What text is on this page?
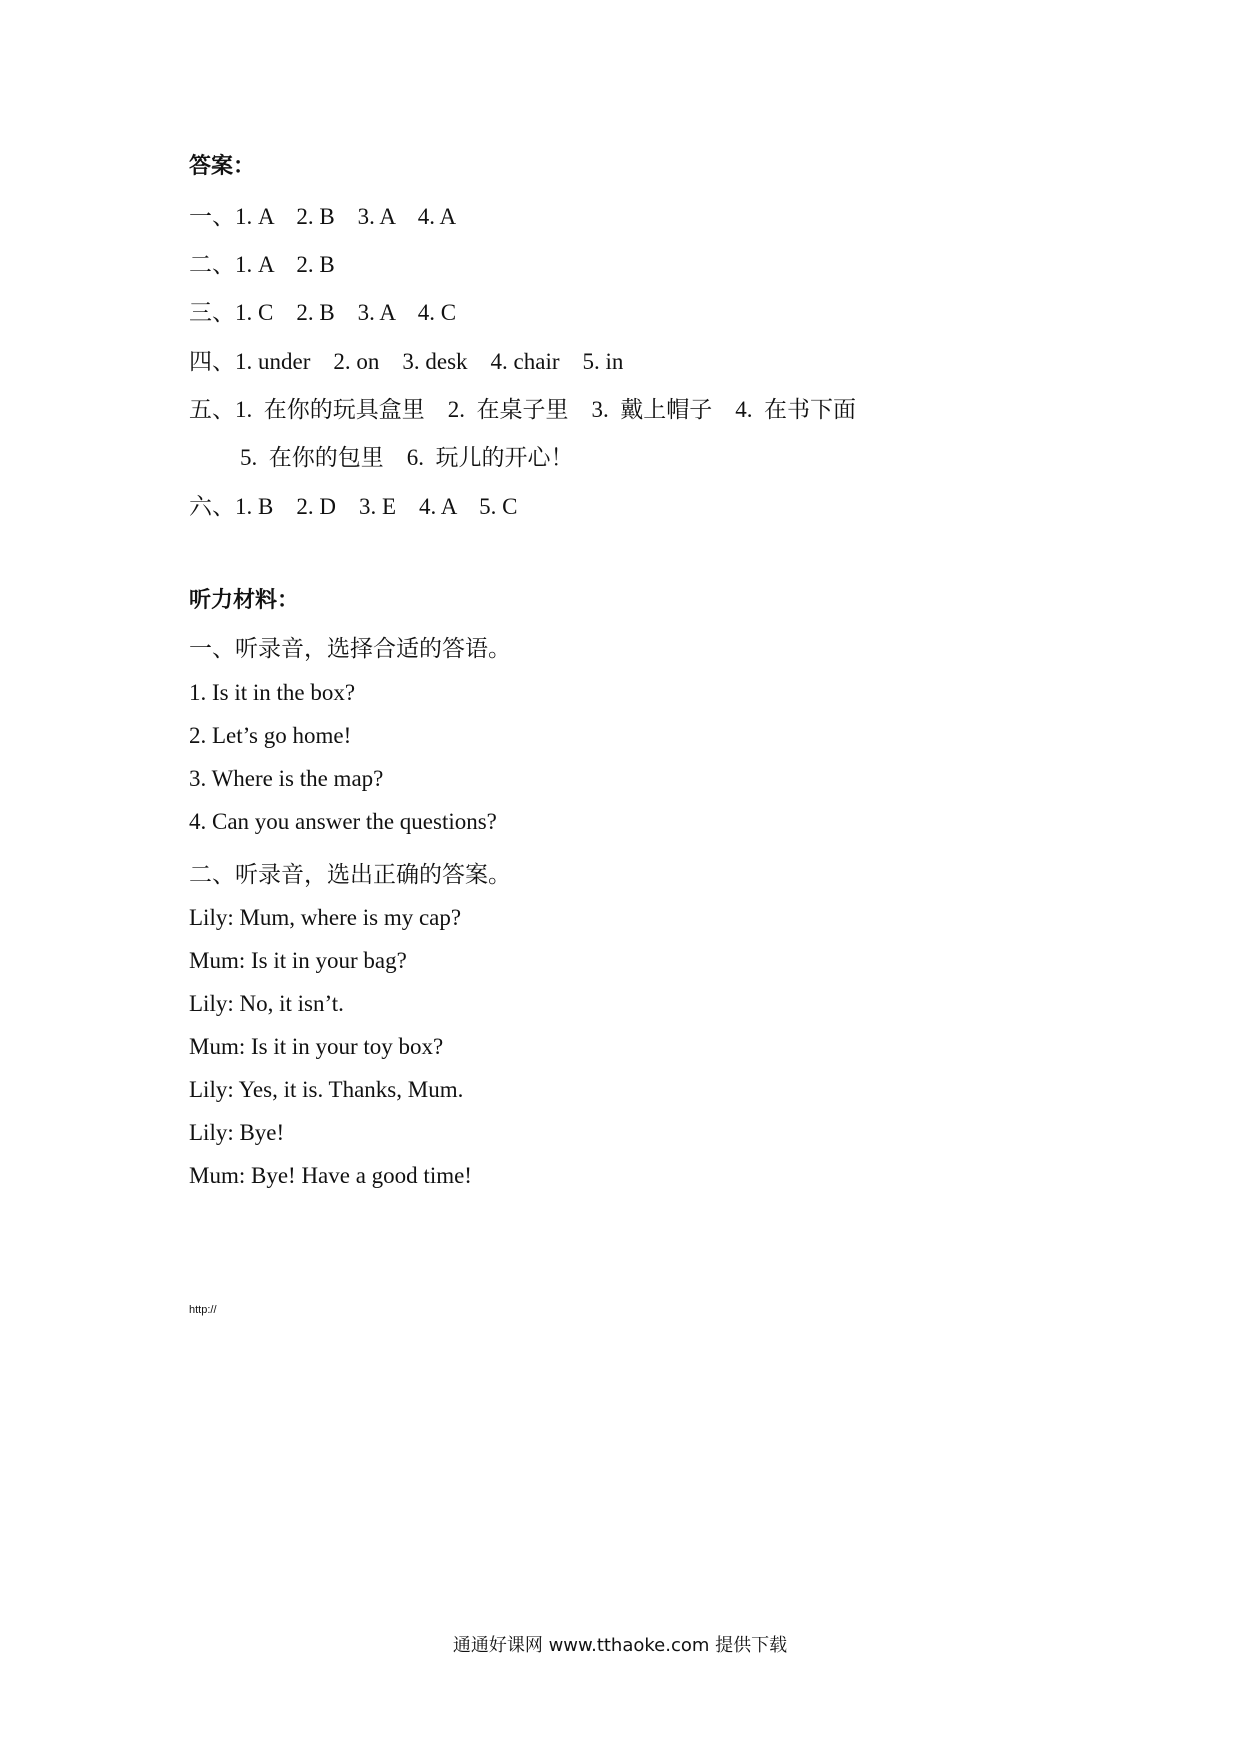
答案：
一、1. A    2. B    3. A    4. A
二、1. A    2. B
三、1. C    2. B    3. A    4. C
四、1. under    2. on    3. desk    4. chair    5. in
五、1.  在你的玩具盒里    2.  在桌子里    3.  戴上帽子    4.  在书下面
5.  在你的包里    6.  玩儿的开心！
六、1. B    2. D    3. E    4. A    5. C
听力材料：
一、听录音，选择合适的答语。
1. Is it in the box?
2. Let’s go home!
3. Where is the map?
4. Can you answer the questions?
二、听录音，选出正确的答案。
Lily: Mum, where is my cap?
Mum: Is it in your bag?
Lily: No, it isn’t.
Mum: Is it in your toy box?
Lily: Yes, it is. Thanks, Mum.
Lily: Bye!
Mum: Bye! Have a good time!
http://
通通好课网 www.tthaoke.com 提供下载
